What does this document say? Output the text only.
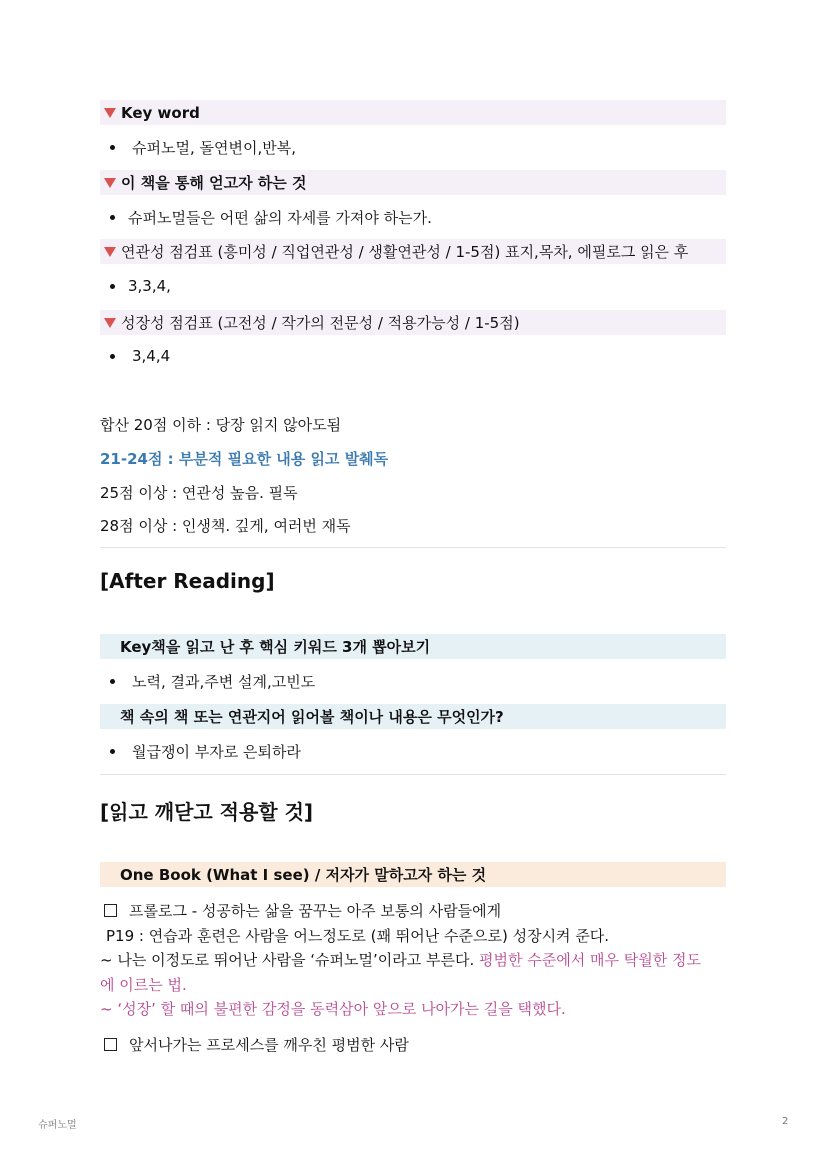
Key word
슈퍼노멀, 돌연변이,반복,
이 책을 통해 얻고자 하는 것
슈퍼노멀들은 어떤 삶의 자세를 가져야 하는가.
연관성 점검표 (흥미성 / 직업연관성 / 생활연관성 / 1-5점) 표지,목차, 에필로그 읽은 후
3,3,4,
성장성 점검표 (고전성 / 작가의 전문성 / 적용가능성 / 1-5점)
3,4,4
합산 20점 이하 : 당장 읽지 않아도됨
21-24점 : 부분적 필요한 내용 읽고 발췌독
25점 이상 : 연관성 높음. 필독
28점 이상 : 인생책. 깊게, 여러번 재독
[After Reading]
Key책을 읽고 난 후 핵심 키워드 3개 뽑아보기
노력, 결과,주변 설계,고빈도
책 속의 책 또는 연관지어 읽어볼 책이나 내용은 무엇인가?
월급쟁이 부자로 은퇴하라
[읽고 깨닫고 적용할 것]
One Book (What I see) / 저자가 말하고자 하는 것
프롤로그 - 성공하는 삶을 꿈꾸는 아주 보통의 사람들에게
P19 : 연습과 훈련은 사람을 어느정도로 (꽤 뛰어난 수준으로) 성장시켜 준다.
~ 나는 이정도로 뛰어난 사람을 ‘슈퍼노멀’이라고 부른다. 평범한 수준에서 매우 탁월한 정도
에 이르는 법.
~ ‘성장’ 할 때의 불편한 감정을 동력삼아 앞으로 나아가는 길을 택했다.
앞서나가는 프로세스를 깨우친 평범한 사람
슈퍼노멀	2
